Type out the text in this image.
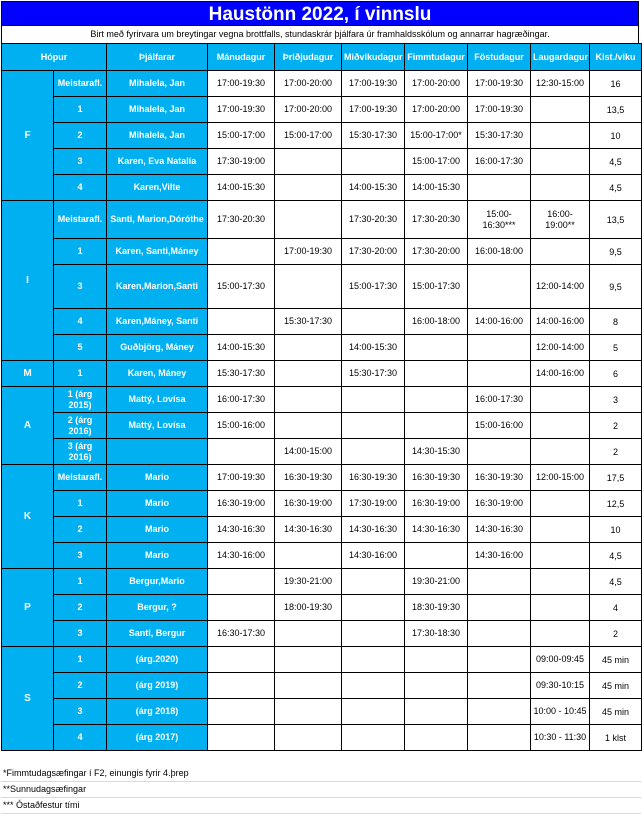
Haustönn 2022, í vinnslu
Birt með fyrirvara um breytingar vegna brottfalls, stundaskrár þjálfara úr framhaldsskólum og annarrar hagræðingar.
Hópur		Þjálfarar	Mánudagur	Þriðjudagur	Miðvikudagur	Fimmtudagur	Föstudagur	Laugardagur	Kist./viku
F	Meistarafl.	Mihalela, Jan	17:00-19:30	17:00-20:00	17:00-19:30	17:00-20:00	17:00-19:30	12:30-15:00	16
	1	Mihalela, Jan	17:00-19:30	17:00-20:00	17:00-19:30	17:00-20:00	17:00-19:30		13,5
	2	Mihalela, Jan	15:00-17:00	15:00-17:00	15:30-17:30	15:00-17:00*	15:30-17:30		10
	3	Karen, Eva Natalía	17:30-19:00			15:00-17:00	16:00-17:30		4,5
	4	Karen,Vilte	14:00-15:30		14:00-15:30	14:00-15:30			4,5
I	Meistarafl.	Santi, Marion,Dóróthe	17:30-20:30		17:30-20:30	17:30-20:30	15:00-16:30***	16:00-19:00**	13,5
	1	Karen, Santi,Máney		17:00-19:30	17:30-20:00	17:30-20:00	16:00-18:00		9,5
	3	Karen,Marion,Santi	15:00-17:30		15:00-17:30	15:00-17:30		12:00-14:00	9,5
	4	Karen,Máney, Santi		15:30-17:30		16:00-18:00	14:00-16:00	14:00-16:00	8
	5	Guðbjörg, Máney	14:00-15:30		14:00-15:30			12:00-14:00	5
M	1	Karen, Máney	15:30-17:30		15:30-17:30			14:00-16:00	6
A	1 (árg 2015)	Mattý, Lovísa	16:00-17:30				16:00-17:30		3
	2 (árg 2016)	Mattý, Lovísa	15:00-16:00				15:00-16:00		2
	3 (árg 2016)			14:00-15:00		14:30-15:30			2
K	Meistarafl.	Mario	17:00-19:30	16:30-19:30	16:30-19:30	16:30-19:30	16:30-19:30	12:00-15:00	17,5
	1	Mario	16:30-19:00	16:30-19:00	17:30-19:00	16:30-19:00	16:30-19:00		12,5
	2	Mario	14:30-16:30	14:30-16:30	14:30-16:30	14:30-16:30	14:30-16:30		10
	3	Mario	14:30-16:00		14:30-16:00		14:30-16:00		4,5
P	1	Bergur,Mario		19:30-21:00		19:30-21:00			4,5
	2	Bergur, ?		18:00-19:30		18:30-19:30			4
	3	Santi, Bergur	16:30-17:30			17:30-18:30			2
S	1	(árg.2020)						09:00-09:45	45 min
	2	(árg 2019)						09:30-10:15	45 min
	3	(árg 2018)						10:00 - 10:45	45 min
	4	(árg 2017)						10:30 - 11:30	1 klst
*Fimmtudagsæfingar í F2, einungis fyrir 4.þrep
**Sunnudagsæfingar
*** Óstaðfestur tími
